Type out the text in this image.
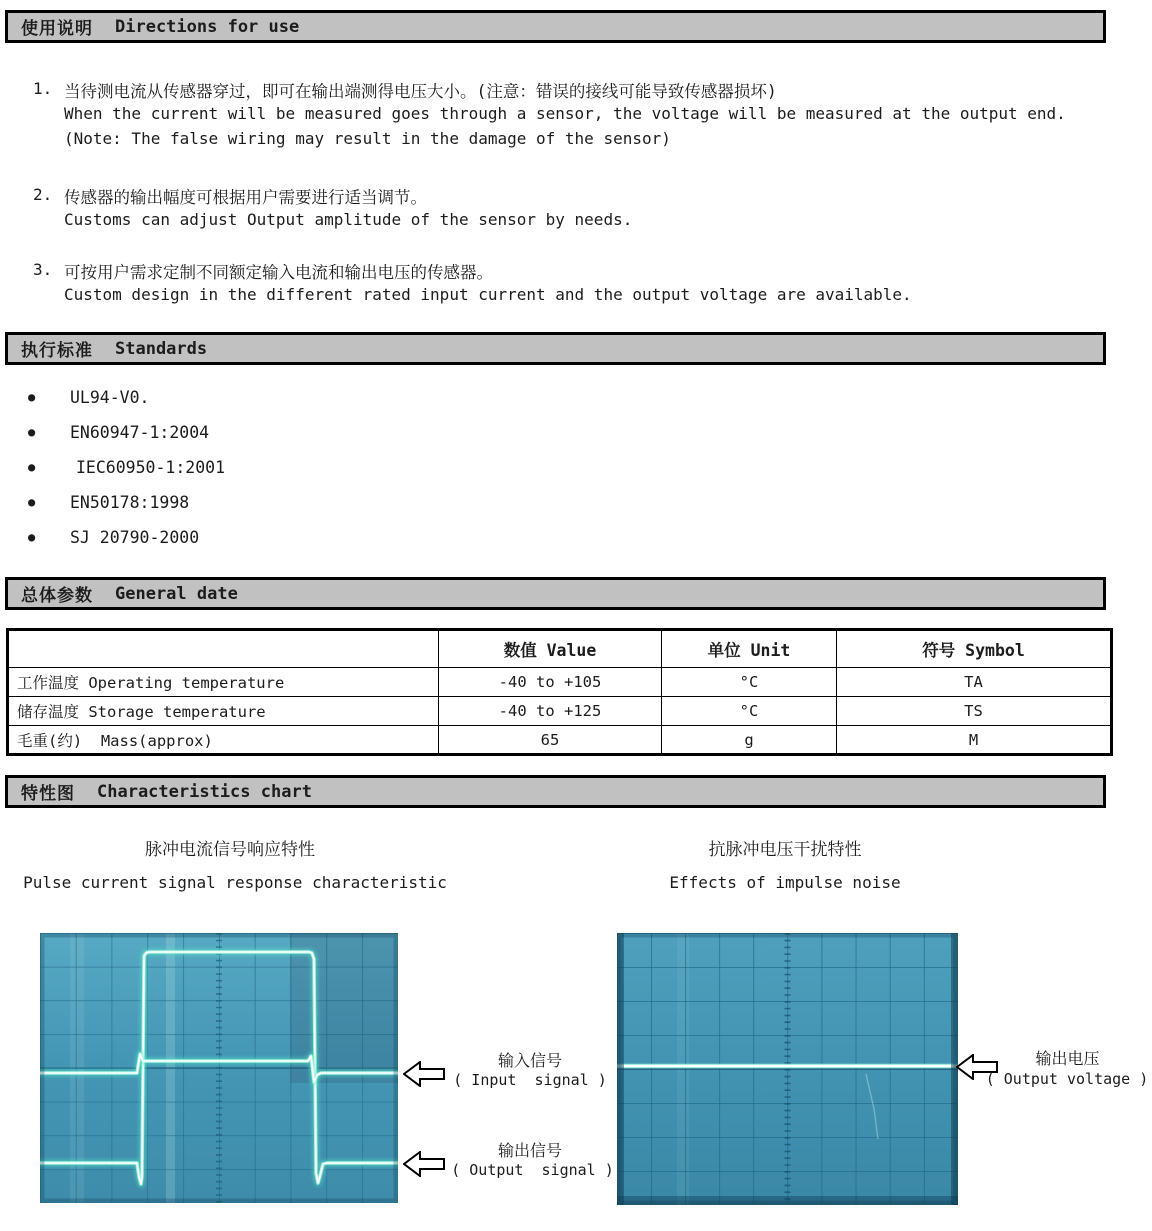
使用说明 Directions for use
1. 当待测电流从传感器穿过，即可在输出端测得电压大小。(注意：错误的接线可能导致传感器损坏)
When the current will be measured goes through a sensor, the voltage will be measured at the output end.
(Note: The false wiring may result in the damage of the sensor)
2. 传感器的输出幅度可根据用户需要进行适当调节。
Customs can adjust Output amplitude of the sensor by needs.
3. 可按用户需求定制不同额定输入电流和输出电压的传感器。
Custom design in the different rated input current and the output voltage are available.
执行标准 Standards
● UL94-V0.
● EN60947-1:2004
● IEC60950-1:2001
● EN50178:1998
● SJ 20790-2000
总体参数 General date
	数值 Value	单位 Unit	符号 Symbol
工作温度 Operating temperature	-40 to +105	°C	TA
储存温度 Storage temperature	-40 to +125	°C	TS
毛重(约)  Mass(approx)	65	g	M
特性图 Characteristics chart
脉冲电流信号响应特性
Pulse current signal response characteristic
抗脉冲电压干扰特性
Effects of impulse noise
输入信号
( Input  signal )
输出信号
( Output  signal )
输出电压
( Output voltage )
